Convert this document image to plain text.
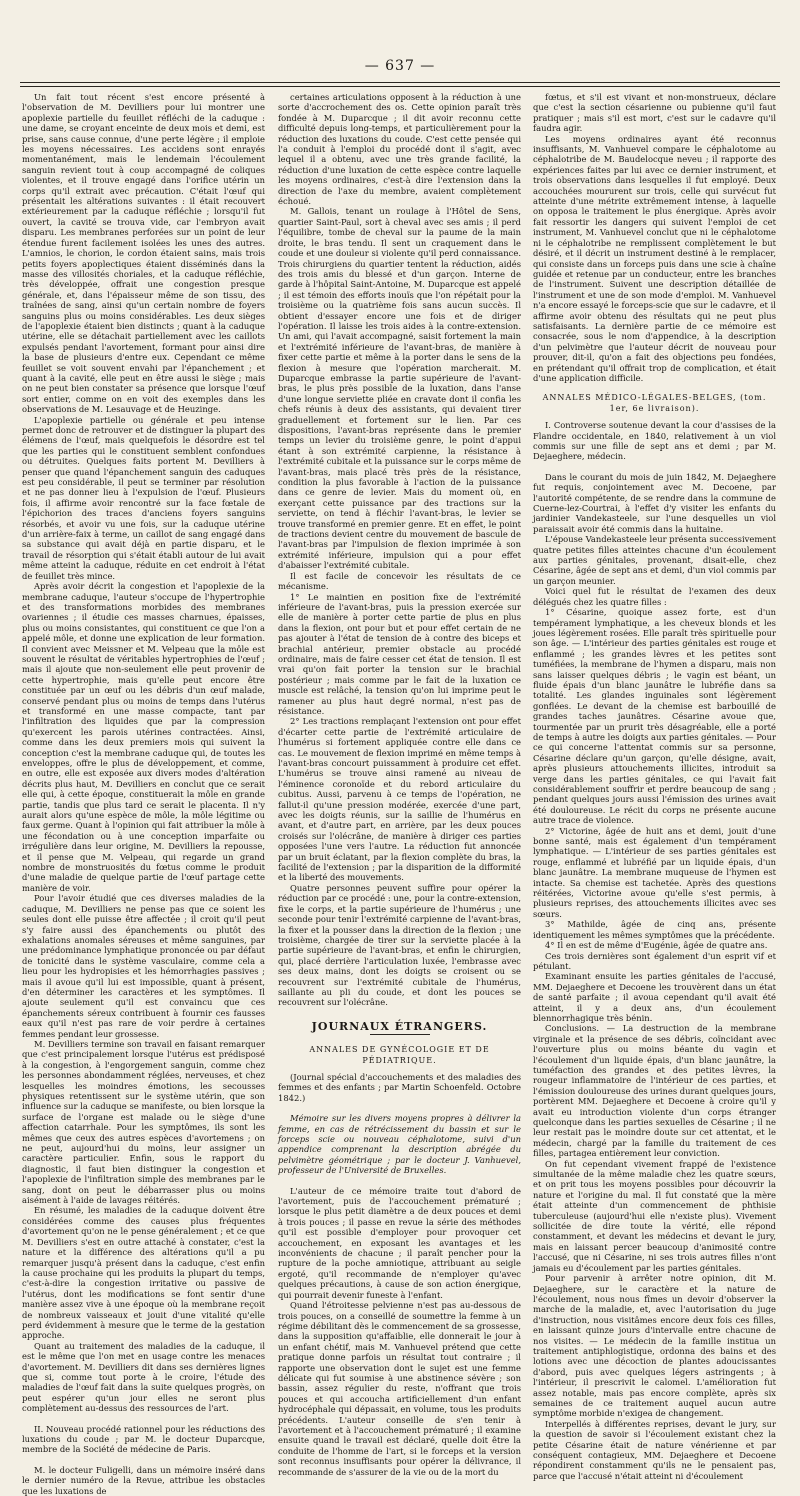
— 637 —

Un fait tout récent s'est encore présenté à l'observation de M. Devilliers pour lui montrer une apoplexie partielle du feuillet réfléchi de la caduque : une dame, se croyant enceinte de deux mois et demi, est prise, sans cause connue, d'une perte légère ; il emploie les moyens nécessaires. Les accidens sont enrayés momentanément, mais le lendemain l'écoulement sanguin revient tout à coup accompagné de coliques violentes, et il trouve engagé dans l'orifice utérin un corps qu'il extrait avec précaution. C'était l'œuf qui présentait les altérations suivantes : il était recouvert extérieurement par la caduque réfléchie ; lorsqu'il fut ouvert, la cavité se trouva vide, car l'embryon avait disparu. Les membranes perforées sur un point de leur étendue furent facilement isolées les unes des autres. L'amnios, le chorion, le cordon étaient sains, mais trois petits foyers apoplectiques étaient disséminés dans la masse des villosités choriales, et la caduque réfléchie, très développée, offrait une congestion presque générale, et, dans l'épaisseur même de son tissu, des traînées de sang, ainsi qu'un certain nombre de foyers sanguins plus ou moins considérables. Les deux sièges de l'apoplexie étaient bien distincts ; quant à la caduque utérine, elle se détachait partiellement avec les caillots expulsés pendant l'avortement, formant pour ainsi dire la base de plusieurs d'entre eux. Cependant ce même feuillet se voit souvent envahi par l'épanchement ; et quant à la cavité, elle peut en être aussi le siège ; mais on ne peut bien constater sa présence que lorsque l'œuf sort entier, comme on en voit des exemples dans les observations de M. Lesauvage et de Heuzinge.

L'apoplexie partielle ou générale et peu intense permet donc de retrouver et de distinguer la plupart des élémens de l'œuf, mais quelquefois le désordre est tel que les parties qui le constituent semblent confondues ou détruites. Quelques faits portent M. Devilliers à penser que quand l'épanchement sanguin des caduques est peu considérable, il peut se terminer par résolution et ne pas donner lieu à l'expulsion de l'œuf. Plusieurs fois, il affirme avoir rencontré sur la face fœtale de l'épichorion des traces d'anciens foyers sanguins résorbés, et avoir vu une fois, sur la caduque utérine d'un arrière-faix à terme, un caillot de sang engagé dans sa substance qui avait déjà en partie disparu, et le travail de résorption qui s'était établi autour de lui avait même atteint la caduque, réduite en cet endroit à l'état de feuillet très mince.

Après avoir décrit la congestion et l'apoplexie de la membrane caduque, l'auteur s'occupe de l'hypertrophie et des transformations morbides des membranes ovariennes ; il étudie ces masses charnues, épaisses, plus ou moins consistantes, qui constituent ce que l'on a appelé môle, et donne une explication de leur formation. Il convient avec Meissner et M. Velpeau que la môle est souvent le résultat de véritables hypertrophies de l'œuf ; mais il ajoute que non-seulement elle peut provenir de cette hypertrophie, mais qu'elle peut encore être constituée par un œuf ou les débris d'un œuf malade, conservé pendant plus ou moins de temps dans l'utérus et transformé en une masse compacte, tant par l'infiltration des liquides que par la compression qu'exercent les parois utérines contractées. Ainsi, comme dans les deux premiers mois qui suivent la conception c'est la membrane caduque qui, de toutes les enveloppes, offre le plus de développement, et comme, en outre, elle est exposée aux divers modes d'altération décrits plus haut, M. Devilliers en conclut que ce serait elle qui, à cette époque, constituerait la môle en grande partie, tandis que plus tard ce serait le placenta. Il n'y aurait alors qu'une espèce de môle, la môle légitime ou faux germe. Quant à l'opinion qui fait attribuer la môle à une fécondation ou à une conception imparfaite ou irrégulière dans leur origine, M. Devilliers la repousse, et il pense que M. Velpeau, qui regarde un grand nombre de monstruosités du fœtus comme le produit d'une maladie de quelque partie de l'œuf partage cette manière de voir.

Pour l'avoir étudié que ces diverses maladies de la caduque, M. Devilliers ne pense pas que ce soient les seules dont elle puisse être affectée ; il croit qu'il peut s'y faire aussi des épanchements ou plutôt des exhalations anomales séreuses et même sanguines, par une prédominance lymphatique prononcée ou par défaut de tonicité dans le système vasculaire, comme cela a lieu pour les hydropisies et les hémorrhagies passives ; mais il avoue qu'il lui est impossible, quant à présent, d'en déterminer les caractères et les symptômes. Il ajoute seulement qu'il est convaincu que ces épanchements séreux contribuent à fournir ces fausses eaux qu'il n'est pas rare de voir perdre à certaines femmes pendant leur grossesse.

M. Devilliers termine son travail en faisant remarquer que c'est principalement lorsque l'utérus est prédisposé à la congestion, à l'engorgement sanguin, comme chez les personnes abondamment réglées, nerveuses, et chez lesquelles les moindres émotions, les secousses physiques retentissent sur le système utérin, que son influence sur la caduque se manifeste, ou bien lorsque la surface de l'organe est malade ou le siège d'une affection catarrhale. Pour les symptômes, ils sont les mêmes que ceux des autres espèces d'avortemens ; on ne peut, aujourd'hui du moins, leur assigner un caractère particulier. Enfin, sous le rapport du diagnostic, il faut bien distinguer la congestion et l'apoplexie de l'infiltration simple des membranes par le sang, dont on peut le débarrasser plus ou moins aisément à l'aide de lavages réitérés.

En résumé, les maladies de la caduque doivent être considérées comme des causes plus fréquentes d'avortement qu'on ne le pense généralement ; et ce que M. Devilliers s'est en outre attaché à constater, c'est la nature et la différence des altérations qu'il a pu remarquer jusqu'à présent dans la caduque, c'est enfin la cause prochaine qui les produits la plupart du temps, c'est-à-dire la congestion irritative ou passive de l'utérus, dont les modifications se font sentir d'une manière assez vive à une époque où la membrane reçoit de nombreux vaisseaux et jouit d'une vitalité qu'elle perd évidemment à mesure que le terme de la gestation approche.

Quant au traitement des maladies de la caduque, il est le même que l'on met en usage contre les menaces d'avortement. M. Devilliers dit dans ses dernières lignes que si, comme tout porte à le croire, l'étude des maladies de l'œuf fait dans la suite quelques progrès, on peut espérer qu'un jour elles ne seront plus complètement au-dessus des ressources de l'art.

II. Nouveau procédé rationnel pour les réductions des luxations du coude ; par M. le docteur Duparcque, membre de la Société de médecine de Paris.

M. le docteur Fuligelli, dans un mémoire inséré dans le dernier numéro de la Revue, attribue les obstacles que les luxations de

certaines articulations opposent à la réduction à une sorte d'accrochement des os. Cette opinion paraît très fondée à M. Duparcque ; il dit avoir reconnu cette difficulté depuis long-temps, et particulièrement pour la réduction des luxations du coude. C'est cette pensée qui l'a conduit à l'emploi du procédé dont il s'agit, avec lequel il a obtenu, avec une très grande facilité, la réduction d'une luxation de cette espèce contre laquelle les moyens ordinaires, c'est-à dire l'extension dans la direction de l'axe du membre, avaient complètement échoué.

M. Gallois, tenant un roulage à l'Hôtel de Sens, quartier Saint-Paul, sort à cheval avec ses amis ; il perd l'équilibre, tombe de cheval sur la paume de la main droite, le bras tendu. Il sent un craquement dans le coude et une douleur si violente qu'il perd connaissance. Trois chirurgiens du quartier tentent la réduction, aidés des trois amis du blessé et d'un garçon. Interne de garde à l'hôpital Saint-Antoine, M. Duparcque est appelé ; il est témoin des efforts inouïs que l'on répétait pour la troisième ou la quatrième fois sans aucun succès. Il obtient d'essayer encore une fois et de diriger l'opération. Il laisse les trois aides à la contre-extension. Un ami, qui l'avait accompagné, saisit fortement la main et l'extrémité inférieure de l'avant-bras, de manière à fixer cette partie et même à la porter dans le sens de la flexion à mesure que l'opération marcherait. M. Duparcque embrasse la partie supérieure de l'avant-bras, le plus près possible de la luxation, dans l'anse d'une longue serviette pliée en cravate dont il confia les chefs réunis à deux des assistants, qui devaient tirer graduellement et fortement sur le lien. Par ces dispositions, l'avant-bras représente dans le premier temps un levier du troisième genre, le point d'appui étant à son extrémité carpienne, la résistance à l'extrémité cubitale et la puissance sur le corps même de l'avant-bras, mais placé très près de la résistance, condition la plus favorable à l'action de la puissance dans ce genre de levier. Mais du moment où, en exerçant cette puissance par des tractions sur la serviette, on tend à fléchir l'avant-bras, le levier se trouve transformé en premier genre. Et en effet, le point de tractions devient centre du mouvement de bascule de l'avant-bras par l'impulsion de flexion imprimée à son extrémité inférieure, impulsion qui a pour effet d'abaisser l'extrémité cubitale.

Il est facile de concevoir les résultats de ce mécanisme.

1° Le maintien en position fixe de l'extrémité inférieure de l'avant-bras, puis la pression exercée sur elle de manière à porter cette partie de plus en plus dans la flexion, ont pour but et pour effet certain de ne pas ajouter à l'état de tension de à contre des biceps et brachial antérieur, premier obstacle au procédé ordinaire, mais de faire cesser cet état de tension. Il est vrai qu'on fait porter la tension sur le brachial postérieur ; mais comme par le fait de la luxation ce muscle est relâché, la tension qu'on lui imprime peut le ramener au plus haut degré normal, n'est pas de résistance.

2° Les tractions remplaçant l'extension ont pour effet d'écarter cette partie de l'extrémité articulaire de l'humérus si fortement appliquée contre elle dans ce cas. Le mouvement de flexion imprimé en même temps à l'avant-bras concourt puissamment à produire cet effet. L'humérus se trouve ainsi ramené au niveau de l'éminence coronoïde et du rebord articulaire du cubitus. Aussi, parvenu à ce temps de l'opération, ne fallut-il qu'une pression modérée, exercée d'une part, avec les doigts réunis, sur la saillie de l'humérus en avant, et d'autre part, en arrière, par les deux pouces croisés sur l'olécrâne, de manière à diriger ces parties opposées l'une vers l'autre. La réduction fut annoncée par un bruit éclatant, par la flexion complète du bras, la facilité de l'extension ; par la disparition de la difformité et la liberté des mouvements.

Quatre personnes peuvent suffire pour opérer la réduction par ce procédé : une, pour la contre-extension, fixe le corps, et la partie supérieure de l'humérus ; une seconde pour tenir l'extrémité carpienne de l'avant-bras, la fixer et la pousser dans la direction de la flexion ; une troisième, chargée de tirer sur la serviette placée à la partie supérieure de l'avant-bras, et enfin le chirurgien, qui, placé derrière l'articulation luxée, l'embrasse avec ses deux mains, dont les doigts se croisent ou se recouvrent sur l'extrémité cubitale de l'humérus, saillante au pli du coude, et dont les pouces se recouvrent sur l'olécrâne.

JOURNAUX ÉTRANGERS.
ANNALES DE GYNÉCOLOGIE ET DE PÉDIATRIQUE.

(Journal spécial d'accouchements et des maladies des femmes et des enfants ; par Martin Schoenfeld. Octobre 1842.)

Mémoire sur les divers moyens propres à délivrer la femme, en cas de rétrécissement du bassin et sur le forceps scie ou nouveau céphalotome, suivi d'un appendice comprenant la description abrégée du pelvimètre géométrique ; par le docteur J. Vanhuevel, professeur de l'Université de Bruxelles.

L'auteur de ce mémoire traite tout d'abord de l'avortement, puis de l'accouchement prématuré ; lorsque le plus petit diamètre a de deux pouces et demi à trois pouces ; il passe en revue la série des méthodes qu'il est possible d'employer pour provoquer cet accouchement, en exposant les avantages et les inconvénients de chacune ; il paraît pencher pour la rupture de la poche amniotique, attribuant au seigle ergoté, qu'il recommande de n'employer qu'avec quelques précautions, à cause de son action énergique, qui pourrait devenir funeste à l'enfant.

Quand l'étroitesse pelvienne n'est pas au-dessous de trois pouces, on a conseillé de soumettre la femme à un régime débilitant dès le commencement de sa grossesse, dans la supposition qu'affaiblie, elle donnerait le jour à un enfant chétif, mais M. Vanhuevel prétend que cette pratique donne parfois un résultat tout contraire ; il rapporte une observation dont le sujet est une femme délicate qui fut soumise à une abstinence sévère ; son bassin, assez régulier du reste, n'offrant que trois pouces et qui accoucha artificiellement d'un enfant hydrocéphale qui dépassait, en volume, tous les produits précédents. L'auteur conseille de s'en tenir à l'avortement et à l'accouchement prématuré ; il examine ensuite quand le travail est déclaré, quelle doit être la conduite de l'homme de l'art, si le forceps et la version sont reconnus insuffisants pour opérer la délivrance, il recommande de s'assurer de la vie ou de la mort du

fœtus, et s'il est vivant et non-monstrueux, déclare que c'est la section césarienne ou pubienne qu'il faut pratiquer ; mais s'il est mort, c'est sur le cadavre qu'il faudra agir.

Les moyens ordinaires ayant été reconnus insuffisants, M. Vanhuevel compare le céphalotome au céphalotribe de M. Baudelocque neveu ; il rapporte des expériences faites par lui avec ce dernier instrument, et trois observations dans lesquelles il fut employé. Deux accouchées moururent sur trois, celle qui survécut fut atteinte d'une métrite extrêmement intense, à laquelle on opposa le traitement le plus énergique. Après avoir fait ressortir les dangers qui suivent l'emploi de cet instrument, M. Vanhuevel conclut que ni le céphalotome ni le céphalotribe ne remplissent complètement le but désiré, et il décrit un instrument destiné à le remplacer, qui consiste dans un forceps puis dans une scie à chaîne guidée et retenue par un conducteur, entre les branches de l'instrument. Suivent une description détaillée de l'instrument et une de son mode d'emploi. M. Vanhuevel n'a encore essayé le forceps-scie que sur le cadavre, et il affirme avoir obtenu des résultats qui ne peut plus satisfaisants. La dernière partie de ce mémoire est consacrée, sous le nom d'appendice, à la description d'un pelvimètre que l'auteur décrit de nouveau pour prouver, dit-il, qu'on a fait des objections peu fondées, en prétendant qu'il offrait trop de complication, et était d'une application difficile.

ANNALES MÉDICO-LÉGALES-BELGES, (tom. 1er, 6e livraison).

I. Controverse soutenue devant la cour d'assises de la Flandre occidentale, en 1840, relativement à un viol commis sur une fille de sept ans et demi ; par M. Dejaeghere, médecin.

Dans le courant du mois de juin 1842, M. Dejaeghere fut requis, conjointement avec M. Decoene, par l'autorité compétente, de se rendre dans la commune de Cuerne-lez-Courtrai, à l'effet d'y visiter les enfants du jardinier Vandekasteele, sur l'une desquelles un viol paraissait avoir été commis dans la huitaine.

L'épouse Vandekasteele leur présenta successivement quatre petites filles atteintes chacune d'un écoulement aux parties génitales, provenant, disait-elle, chez Césarine, âgée de sept ans et demi, d'un viol commis par un garçon meunier.

Voici quel fut le résultat de l'examen des deux délégués chez les quatre filles :

1° Césarine, quoique assez forte, est d'un tempérament lymphatique, a les cheveux blonds et les joues légèrement rosées. Elle paraît très spirituelle pour son âge. — L'intérieur des parties génitales est rouge et enflammé ; les grandes lèvres et les petites sont tuméfiées, la membrane de l'hymen a disparu, mais non sans laisser quelques débris ; le vagin est béant, un fluide épais d'un blanc jaunâtre le lubréfie dans sa totalité. Les glandes inguinales sont légèrement gonflées. Le devant de la chemise est barbouillé de grandes taches jaunâtres. Césarine avoue que, tourmentée par un prurit très désagréable, elle a porté de temps à autre les doigts aux parties génitales. — Pour ce qui concerne l'attentat commis sur sa personne, Césarine déclare qu'un garçon, qu'elle désigne, avait, après plusieurs attouchements illicites, introduit sa verge dans les parties génitales, ce qui l'avait fait considérablement souffrir et perdre beaucoup de sang ; pendant quelques jours aussi l'émission des urines avait été douloureuse. Le récit du corps ne présente aucune autre trace de violence.

2° Victorine, âgée de huit ans et demi, jouit d'une bonne santé, mais est également d'un tempérament lymphatique. — L'intérieur de ses parties génitales est rouge, enflammé et lubréfié par un liquide épais, d'un blanc jaunâtre. La membrane muqueuse de l'hymen est intacte. Sa chemise est tachetée. Après des questions réitérées, Victorine avoue qu'elle s'est permis, à plusieurs reprises, des attouchements illicites avec ses sœurs.

3° Mathilde, âgée de cinq ans, présente identiquement les mêmes symptômes que la précédente.

4° Il en est de même d'Eugénie, âgée de quatre ans.

Ces trois dernières sont également d'un esprit vif et pétulant.

Examinant ensuite les parties génitales de l'accusé, MM. Dejaeghere et Decoene les trouvèrent dans un état de santé parfaite ; il avoua cependant qu'il avait été atteint, il y a deux ans, d'un écoulement blennorrhagique très bénin.

Conclusions. — La destruction de la membrane virginale et la présence de ses débris, coïncidant avec l'ouverture plus ou moins béante du vagin et l'écoulement d'un liquide épais, d'un blanc jaunâtre, la tuméfaction des grandes et des petites lèvres, la rougeur inflammatoire de l'intérieur de ces parties, et l'émission douloureuse des urines durant quelques jours, portèrent MM. Dejaeghere et Decoene à croire qu'il y avait eu introduction violente d'un corps étranger quelconque dans les parties sexuelles de Césarine ; il ne leur restait pas le moindre doute sur cet attentat, et le médecin, chargé par la famille du traitement de ces filles, partagea entièrement leur conviction.

On fut cependant vivement frappé de l'existence simultanée de la même maladie chez les quatre sœurs, et on prit tous les moyens possibles pour découvrir la nature et l'origine du mal. Il fut constaté que la mère était atteinte d'un commencement de phthisie tuberculeuse (aujourd'hui elle n'existe plus). Vivement sollicitée de dire toute la vérité, elle répond constamment, et devant les médecins et devant le jury, mais en laissant percer beaucoup d'animosité contre l'accusé, que ni Césarine, ni ses trois autres filles n'ont jamais eu d'écoulement par les parties génitales.

Pour parvenir à arrêter notre opinion, dit M. Dejaeghere, sur le caractère et la nature de l'écoulement, nous nous fîmes un devoir d'observer la marche de la maladie, et, avec l'autorisation du juge d'instruction, nous visitâmes encore deux fois ces filles, en laissant quinze jours d'intervalle entre chacune de nos visites. — Le médecin de la famille institua un traitement antiphlogistique, ordonna des bains et des lotions avec une décoction de plantes adoucissantes d'abord, puis avec quelques légers astringents ; à l'intérieur, il prescrivit le calomel. L'amélioration fut assez notable, mais pas encore complète, après six semaines de ce traitement auquel aucun autre symptôme morbide n'exigea de changement.

Interpellés à différentes reprises, devant le jury, sur la question de savoir si l'écoulement existant chez la petite Césarine était de nature vénérienne et par conséquent contagieux, MM. Dejaeghere et Decoene répondirent constamment qu'ils ne le pensaient pas, parce que l'accusé n'était atteint ni d'écoulement
